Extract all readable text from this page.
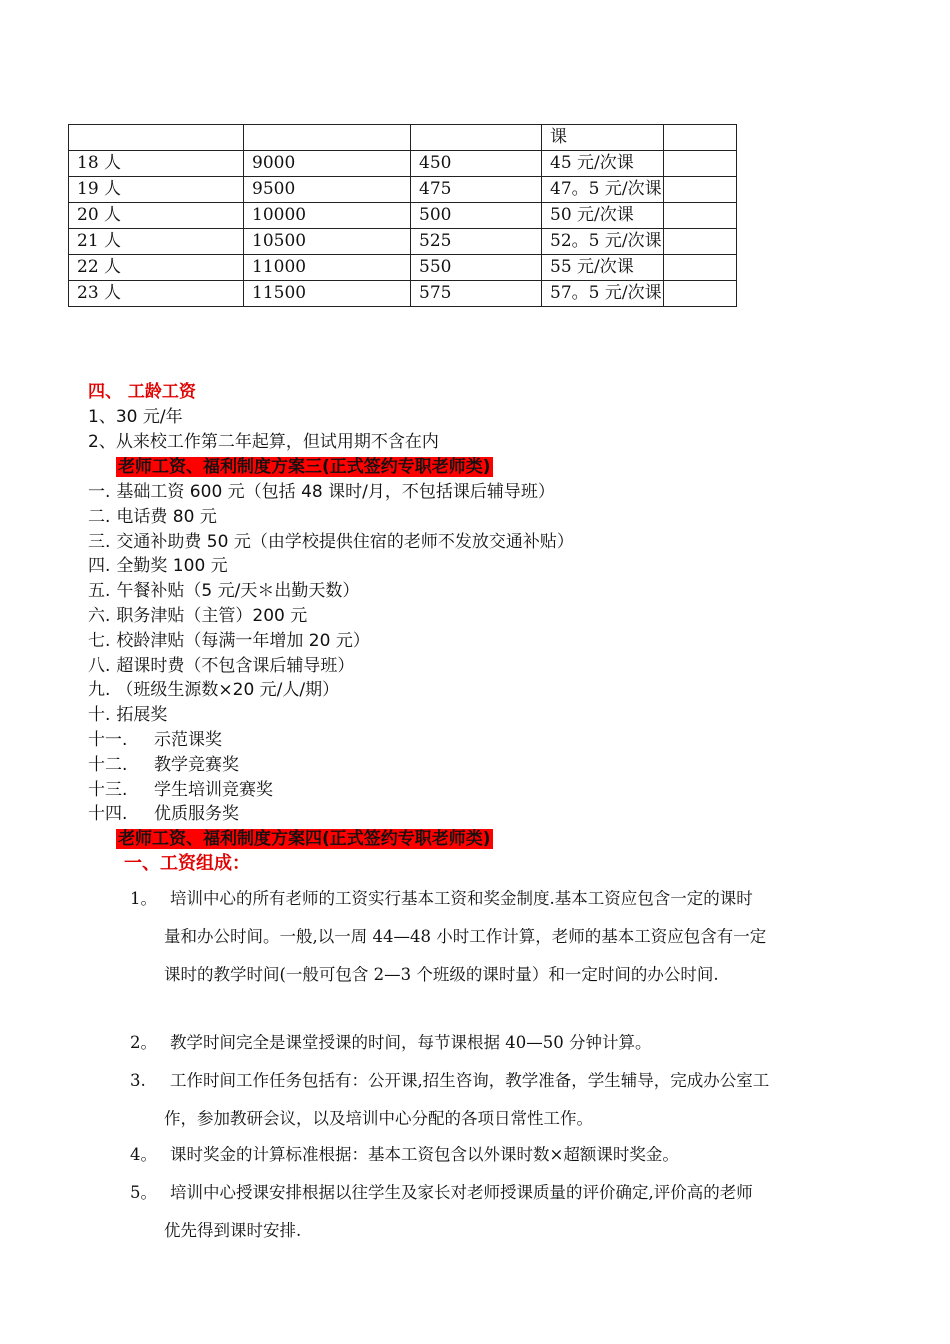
			课	
18 人	9000	450	45 元/次课	
19 人	9500	475	47。5 元/次课	
20 人	10000	500	50 元/次课	
21 人	10500	525	52。5 元/次课	
22 人	11000	550	55 元/次课	
23 人	11500	575	57。5 元/次课	
四、 工龄工资
1、30 元/年
2、从来校工作第二年起算，但试用期不含在内
老师工资、福利制度方案三(正式签约专职老师类)
一. 基础工资 600 元（包括 48 课时/月，不包括课后辅导班）
二. 电话费 80 元
三. 交通补助费 50 元（由学校提供住宿的老师不发放交通补贴）
四. 全勤奖 100 元
五. 午餐补贴（5 元/天＊出勤天数）
六. 职务津贴（主管）200 元
七. 校龄津贴（每满一年增加 20 元）
八. 超课时费（不包含课后辅导班）
九. （班级生源数×20 元/人/期）
十. 拓展奖
十一. 示范课奖
十二. 教学竞赛奖
十三. 学生培训竞赛奖
十四. 优质服务奖
老师工资、福利制度方案四(正式签约专职老师类)
一、工资组成：
1。 培训中心的所有老师的工资实行基本工资和奖金制度.基本工资应包含一定的课时
量和办公时间。一般,以一周 44—48 小时工作计算，老师的基本工资应包含有一定
课时的教学时间(一般可包含 2—3 个班级的课时量）和一定时间的办公时间.
2。 教学时间完全是课堂授课的时间，每节课根据 40—50 分钟计算。
3. 工作时间工作任务包括有：公开课,招生咨询，教学准备，学生辅导，完成办公室工
作，参加教研会议，以及培训中心分配的各项日常性工作。
4。 课时奖金的计算标准根据：基本工资包含以外课时数×超额课时奖金。
5。 培训中心授课安排根据以往学生及家长对老师授课质量的评价确定,评价高的老师
优先得到课时安排.
